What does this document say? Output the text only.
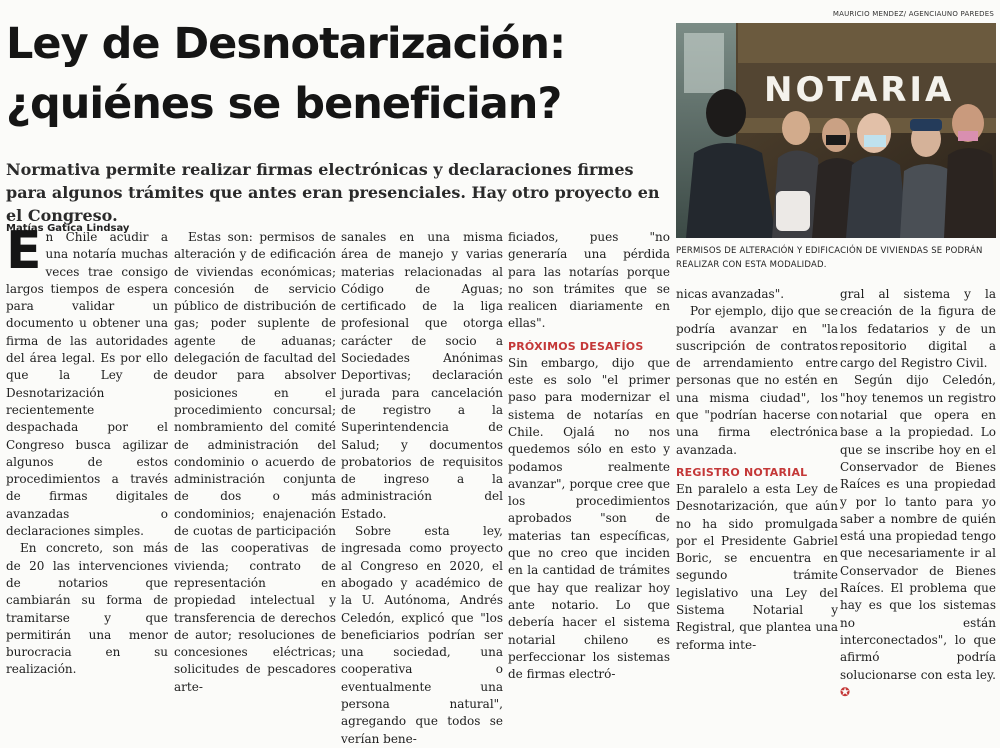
Ley de Desnotarización:
¿quiénes se benefician?
Normativa permite realizar firmas electrónicas y declaraciones firmes para algunos trámites que antes eran presenciales. Hay otro proyecto en el Congreso.
Matías Gatica Lindsay
MAURICIO MENDEZ/ AGENCIAUNO PAREDES
NOTARIA
PERMISOS DE ALTERACIÓN Y EDIFICACIÓN DE VIVIENDAS SE PODRÁN REALIZAR CON ESTA MODALIDAD.

En Chile acudir a una notaría muchas veces trae consigo largos tiempos de espera para validar un documento u obtener una firma de las autoridades del área legal. Es por ello que la Ley de Desnotarización recientemente despachada por el Congreso busca agilizar algunos de estos procedimientos a través de firmas digitales avanzadas o declaraciones simples.

En concreto, son más de 20 las intervenciones de notarios que cambiarán su forma de tramitarse y que permitirán una menor burocracia en su realización.

Estas son: permisos de alteración y de edificación de viviendas económicas; concesión de servicio público de distribución de gas; poder suplente de agente de aduanas; delegación de facultad del deudor para absolver posiciones en el procedimiento concursal; nombramiento del comité de administración del condominio o acuerdo de administración conjunta de dos o más condominios; enajenación de cuotas de participación de las cooperativas de vivienda; contrato de representación en propiedad intelectual y transferencia de derechos de autor; resoluciones de concesiones eléctricas; solicitudes de pescadores arte-

sanales en una misma área de manejo y varias materias relacionadas al Código de Aguas; certificado de la liga profesional que otorga carácter de socio a Sociedades Anónimas Deportivas; declaración jurada para cancelación de registro a la Superintendencia de Salud; y documentos probatorios de requisitos de ingreso a la administración del Estado.

Sobre esta ley, ingresada como proyecto al Congreso en 2020, el abogado y académico de la U. Autónoma, Andrés Celedón, explicó que "los beneficiarios podrían ser una sociedad, una cooperativa o eventualmente una persona natural", agregando que todos se verían bene-

ficiados, pues "no generaría una pérdida para las notarías porque no son trámites que se realicen diariamente en ellas".

PRÓXIMOS DESAFÍOS

Sin embargo, dijo que este es solo "el primer paso para modernizar el sistema de notarías en Chile. Ojalá no nos quedemos sólo en esto y podamos realmente avanzar", porque cree que los procedimientos aprobados "son de materias tan específicas, que no creo que inciden en la cantidad de trámites que hay que realizar hoy ante notario. Lo que debería hacer el sistema notarial chileno es perfeccionar los sistemas de firmas electró-

nicas avanzadas".

Por ejemplo, dijo que se podría avanzar en "la suscripción de contratos de arrendamiento entre personas que no estén en una misma ciudad", los que "podrían hacerse con una firma electrónica avanzada.

REGISTRO NOTARIAL

En paralelo a esta Ley de Desnotarización, que aún no ha sido promulgada por el Presidente Gabriel Boric, se encuentra en segundo trámite legislativo una Ley del Sistema Notarial y Registral, que plantea una reforma inte-

gral al sistema y la creación de la figura de los fedatarios y de un repositorio digital a cargo del Registro Civil.

Según dijo Celedón, "hoy tenemos un registro notarial que opera en base a la propiedad. Lo que se inscribe hoy en el Conservador de Bienes Raíces es una propiedad y por lo tanto para yo saber a nombre de quién está una propiedad tengo que necesariamente ir al Conservador de Bienes Raíces. El problema que hay es que los sistemas no están interconectados", lo que afirmó podría solucionarse con esta ley. ✪
